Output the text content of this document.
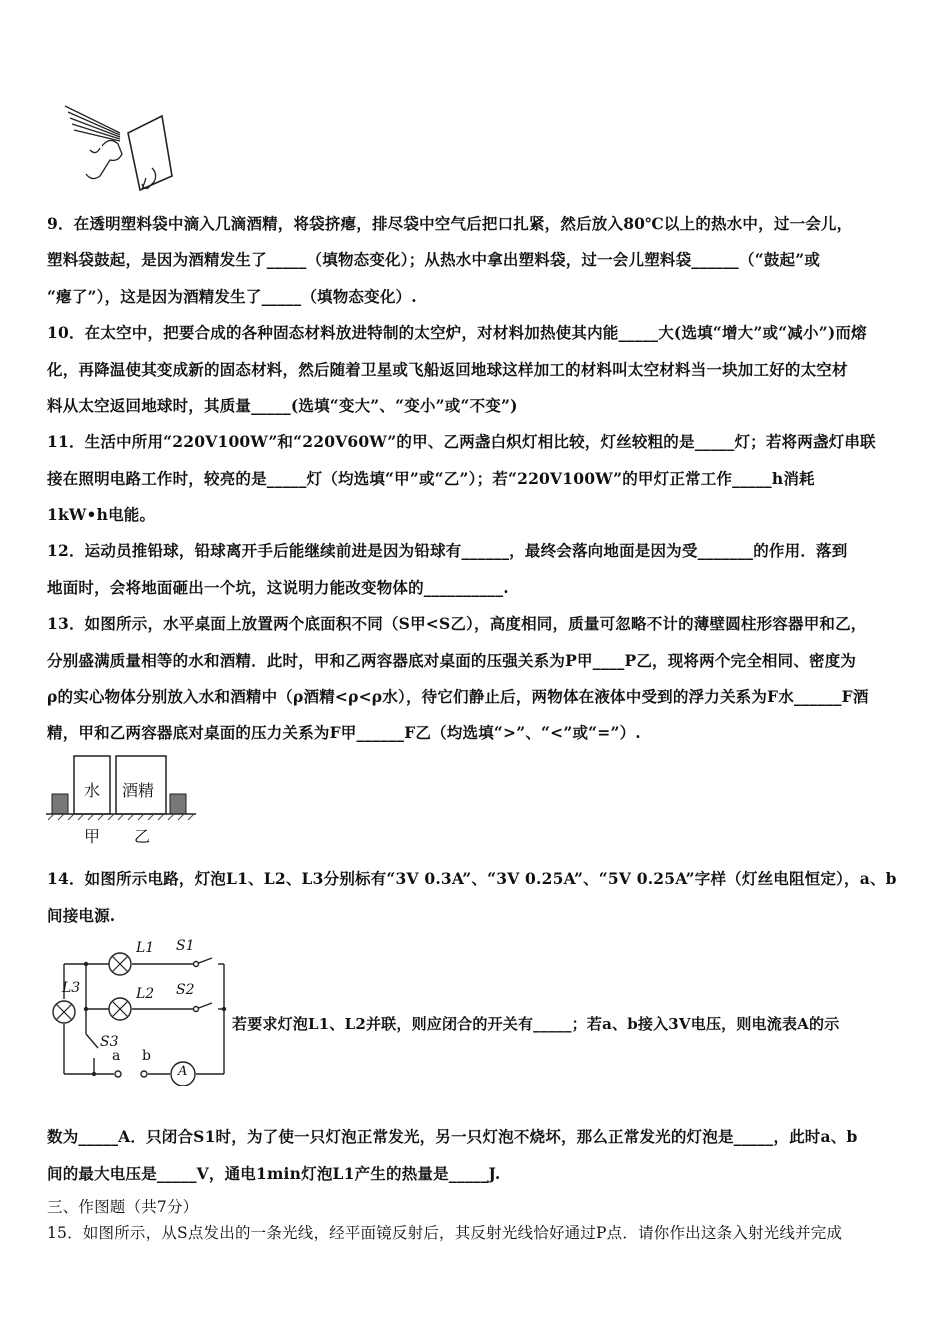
9．在透明塑料袋中滴入几滴酒精，将袋挤瘪，排尽袋中空气后把口扎紧，然后放入80℃以上的热水中，过一会儿，
塑料袋鼓起，是因为酒精发生了_____（填物态变化）；从热水中拿出塑料袋，过一会儿塑料袋______（“鼓起”或
“瘪了”），这是因为酒精发生了_____（填物态变化）.
10．在太空中，把要合成的各种固态材料放进特制的太空炉，对材料加热使其内能_____大(选填“增大”或“减小”)而熔
化，再降温使其变成新的固态材料，然后随着卫星或飞船返回地球这样加工的材料叫太空材料当一块加工好的太空材
料从太空返回地球时，其质量_____(选填“变大”、“变小”或“不变”)
11．生活中所用“220V100W”和“220V60W”的甲、乙两盏白炽灯相比较，灯丝较粗的是_____灯；若将两盏灯串联
接在照明电路工作时，较亮的是_____灯（均选填“甲”或“乙”）；若“220V100W”的甲灯正常工作_____h消耗
1kW•h电能。
12．运动员推铅球，铅球离开手后能继续前进是因为铅球有______，最终会落向地面是因为受_______的作用．落到
地面时，会将地面砸出一个坑，这说明力能改变物体的__________.
13．如图所示，水平桌面上放置两个底面积不同（S甲<S乙），高度相同，质量可忽略不计的薄壁圆柱形容器甲和乙，
分别盛满质量相等的水和酒精．此时，甲和乙两容器底对桌面的压强关系为P甲____P乙，现将两个完全相同、密度为
ρ的实心物体分别放入水和酒精中（ρ酒精<ρ<ρ水），待它们静止后，两物体在液体中受到的浮力关系为F水______F酒
精，甲和乙两容器底对桌面的压力关系为F甲______F乙（均选填“>”、“<”或“=”）.
水 酒精
甲 乙
14．如图所示电路，灯泡L1、L2、L3分别标有“3V 0.3A”、“3V 0.25A”、“5V 0.25A”字样（灯丝电阻恒定），a、b
间接电源.
L1 S1
L2 S2
L3
S3
a b
A
若要求灯泡L1、L2并联，则应闭合的开关有_____；若a、b接入3V电压，则电流表A的示
数为_____A．只闭合S1时，为了使一只灯泡正常发光，另一只灯泡不烧坏，那么正常发光的灯泡是_____，此时a、b
间的最大电压是_____V，通电1min灯泡L1产生的热量是_____J.
三、作图题（共7分）
15．如图所示，从S点发出的一条光线，经平面镜反射后，其反射光线恰好通过P点．请你作出这条入射光线并完成
